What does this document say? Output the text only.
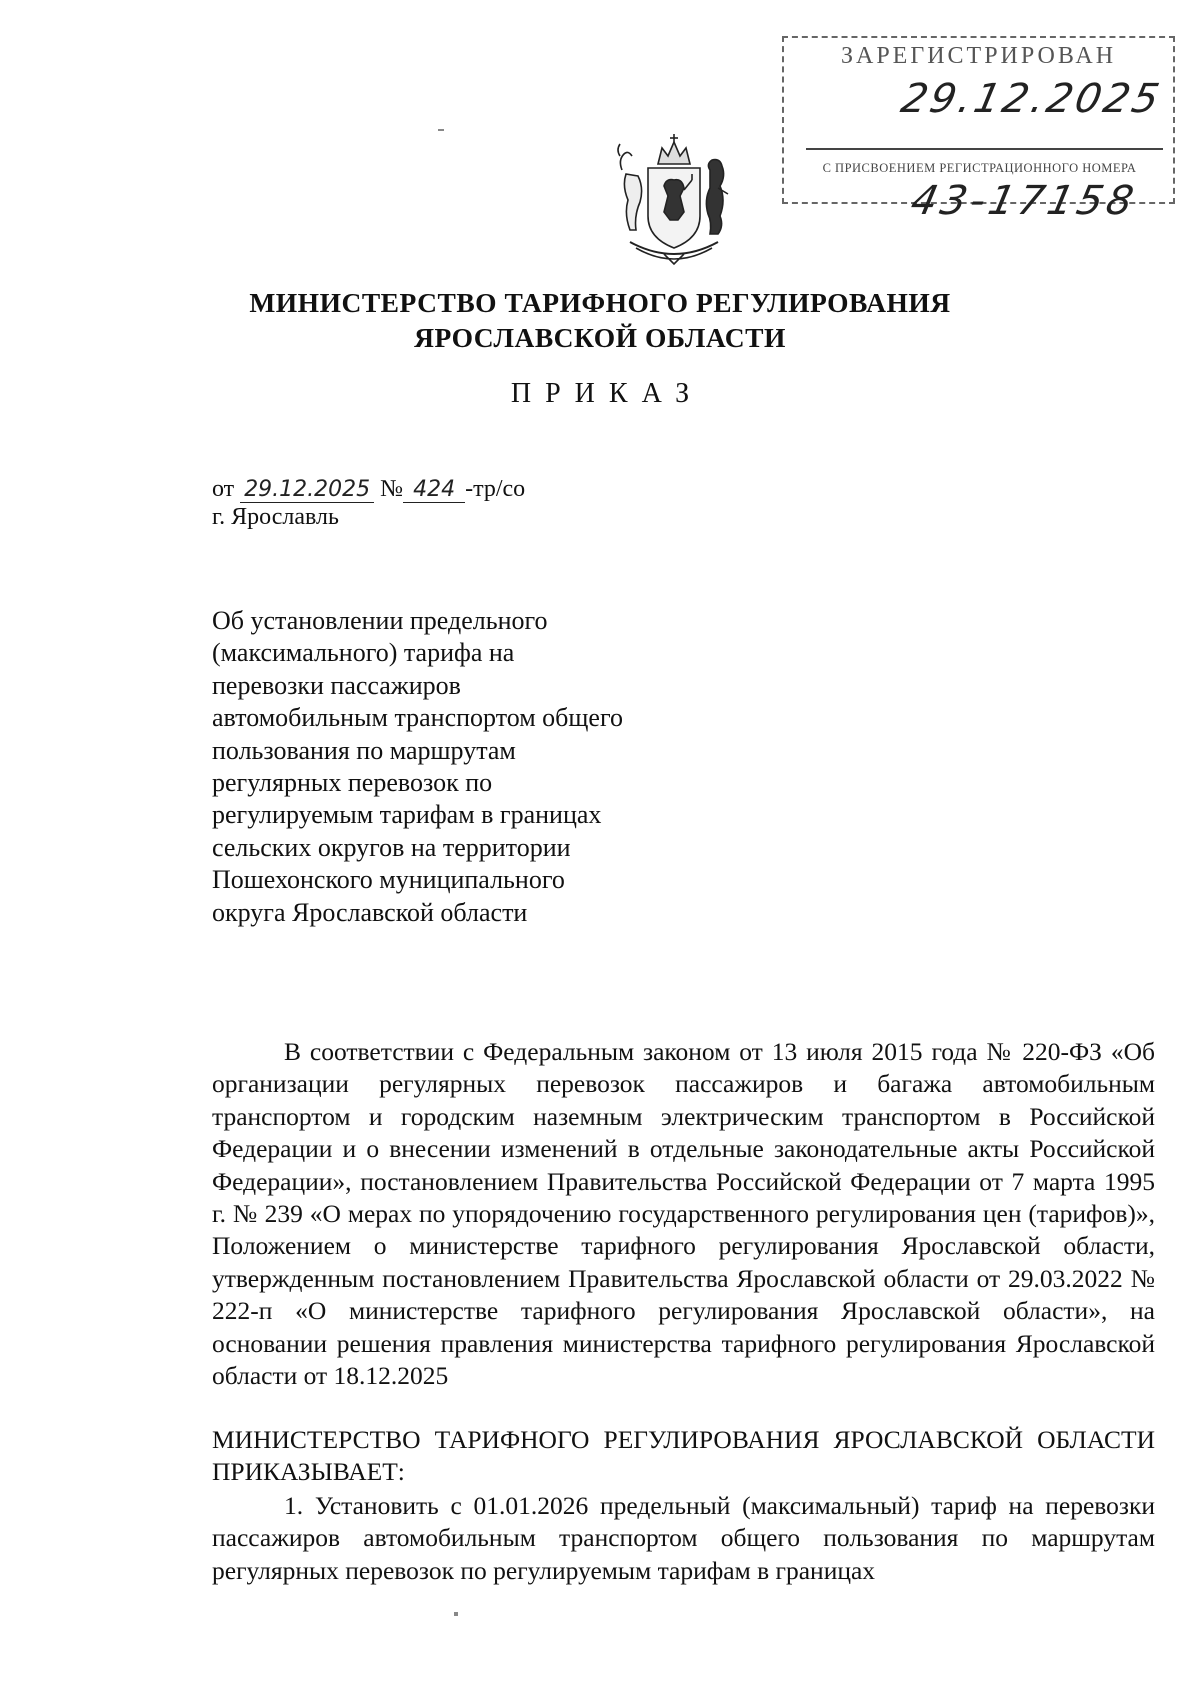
ЗАРЕГИСТРИРОВАН
29.12.2025
С ПРИСВОЕНИЕМ РЕГИСТРАЦИОННОГО НОМЕРА
43-17158
МИНИСТЕРСТВО ТАРИФНОГО РЕГУЛИРОВАНИЯ
ЯРОСЛАВСКОЙ ОБЛАСТИ
ПРИКАЗ
от 29.12.2025 № 424 -тр/со
г. Ярославль
Об установлении предельного (максимального) тарифа на перевозки пассажиров автомобильным транспортом общего пользования по маршрутам регулярных перевозок по регулируемым тарифам в границах сельских округов на территории Пошехонского муниципального округа Ярославской области
В соответствии с Федеральным законом от 13 июля 2015 года № 220-ФЗ «Об организации регулярных перевозок пассажиров и багажа автомобильным транспортом и городским наземным электрическим транспортом в Российской Федерации и о внесении изменений в отдельные законодательные акты Российской Федерации», постановлением Правительства Российской Федерации от 7 марта 1995 г. № 239 «О мерах по упорядочению государственного регулирования цен (тарифов)», Положением о министерстве тарифного регулирования Ярославской области, утвержденным постановлением Правительства Ярославской области от 29.03.2022 № 222-п «О министерстве тарифного регулирования Ярославской области», на основании решения правления министерства тарифного регулирования Ярославской области от 18.12.2025
МИНИСТЕРСТВО ТАРИФНОГО РЕГУЛИРОВАНИЯ ЯРОСЛАВСКОЙ ОБЛАСТИ ПРИКАЗЫВАЕТ:
1. Установить с 01.01.2026 предельный (максимальный) тариф на перевозки пассажиров автомобильным транспортом общего пользования по маршрутам регулярных перевозок по регулируемым тарифам в границах
